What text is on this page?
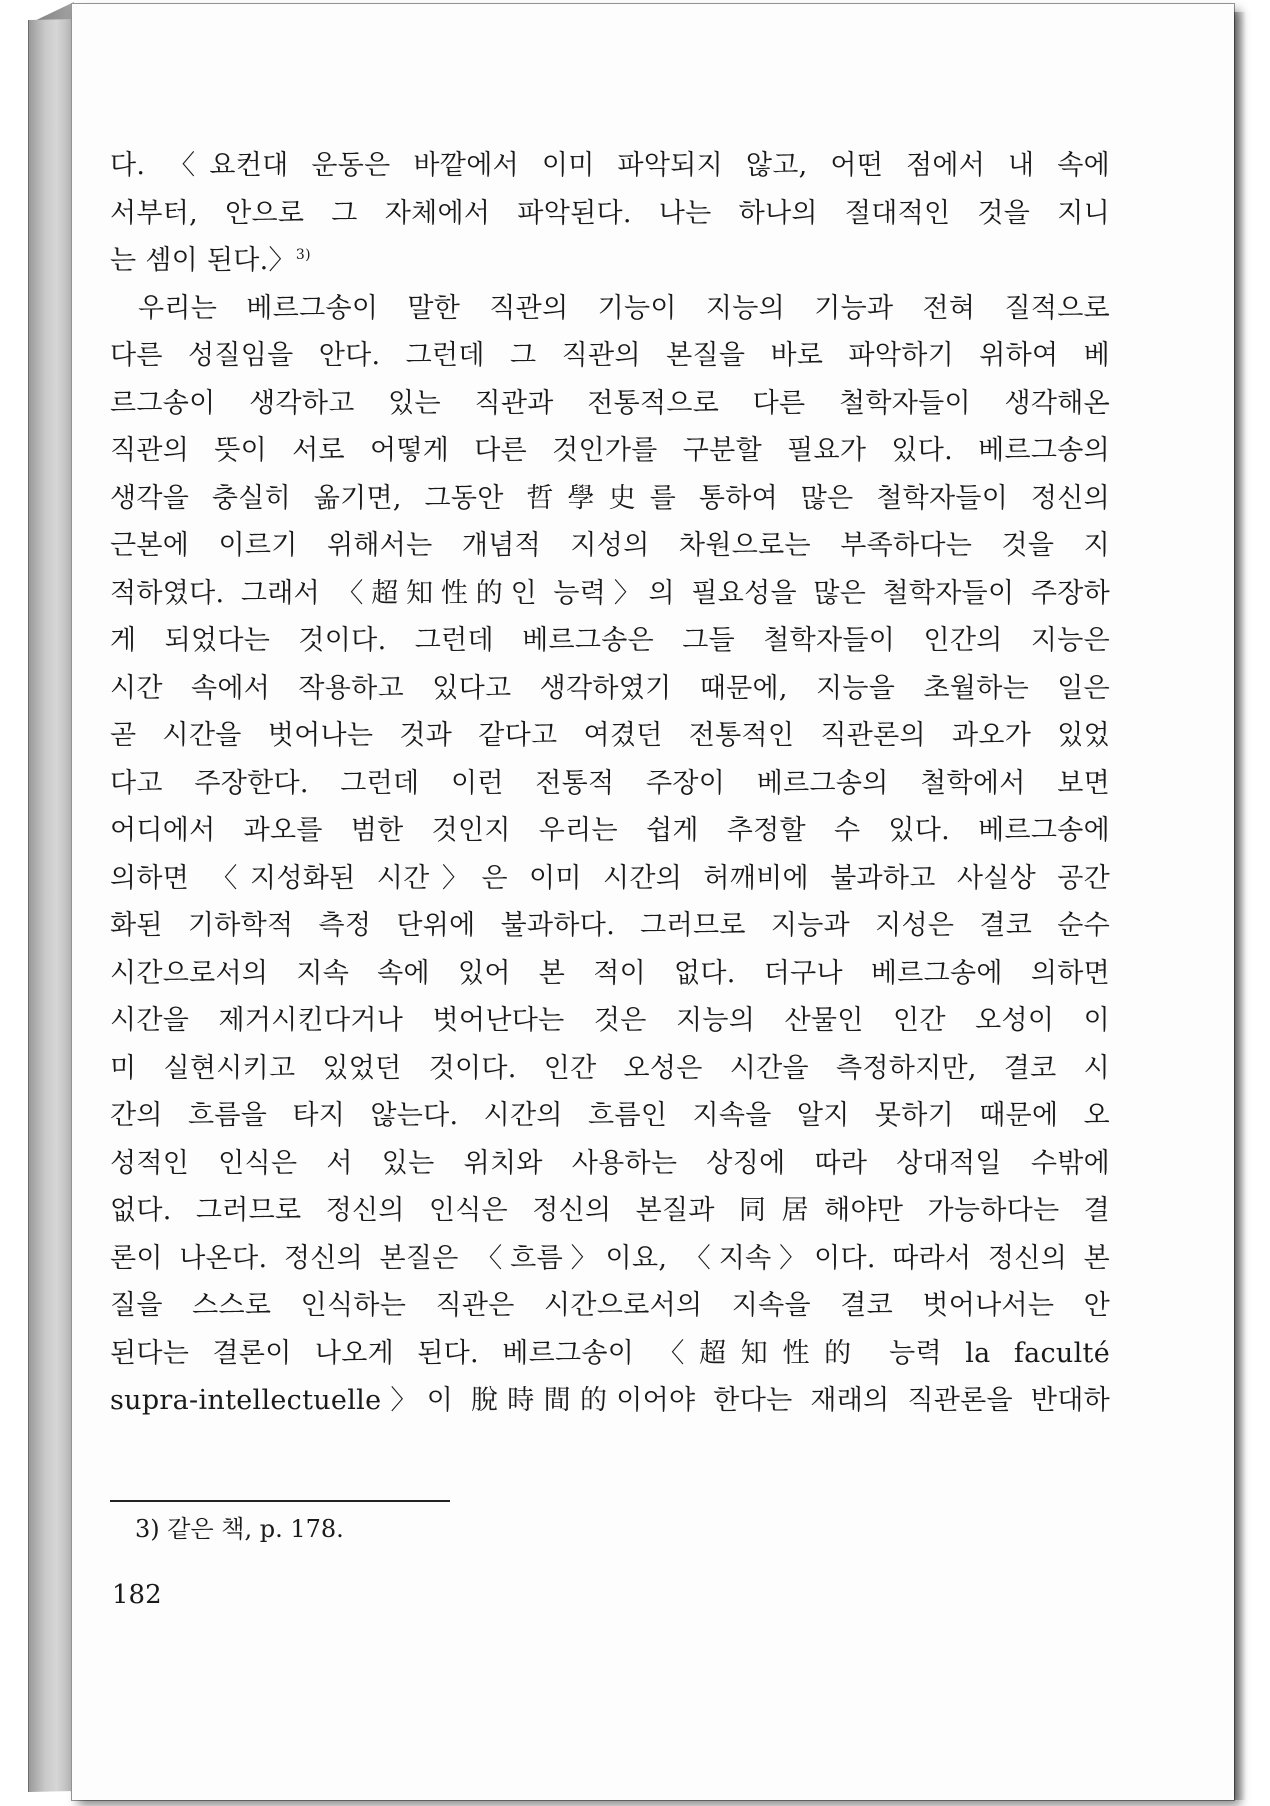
다. 〈요컨대 운동은 바깥에서 이미 파악되지 않고, 어떤 점에서 내 속에
서부터, 안으로 그 자체에서 파악된다. 나는 하나의 절대적인 것을 지니
는 셈이 된다.〉$^{3)}$
우리는 베르그송이 말한 직관의 기능이 지능의 기능과 전혀 질적으로
다른 성질임을 안다. 그런데 그 직관의 본질을 바로 파악하기 위하여 베
르그송이 생각하고 있는 직관과 전통적으로 다른 철학자들이 생각해온
직관의 뜻이 서로 어떻게 다른 것인가를 구분할 필요가 있다. 베르그송의
생각을 충실히 옮기면, 그동안 哲學史를 통하여 많은 철학자들이 정신의
근본에 이르기 위해서는 개념적 지성의 차원으로는 부족하다는 것을 지
적하였다. 그래서 〈超知性的인 능력〉의 필요성을 많은 철학자들이 주장하
게 되었다는 것이다. 그런데 베르그송은 그들 철학자들이 인간의 지능은
시간 속에서 작용하고 있다고 생각하였기 때문에, 지능을 초월하는 일은
곧 시간을 벗어나는 것과 같다고 여겼던 전통적인 직관론의 과오가 있었
다고 주장한다. 그런데 이런 전통적 주장이 베르그송의 철학에서 보면
어디에서 과오를 범한 것인지 우리는 쉽게 추정할 수 있다. 베르그송에
의하면 〈지성화된 시간〉은 이미 시간의 허깨비에 불과하고 사실상 공간
화된 기하학적 측정 단위에 불과하다. 그러므로 지능과 지성은 결코 순수
시간으로서의 지속 속에 있어 본 적이 없다. 더구나 베르그송에 의하면
시간을 제거시킨다거나 벗어난다는 것은 지능의 산물인 인간 오성이 이
미 실현시키고 있었던 것이다. 인간 오성은 시간을 측정하지만, 결코 시
간의 흐름을 타지 않는다. 시간의 흐름인 지속을 알지 못하기 때문에 오
성적인 인식은 서 있는 위치와 사용하는 상징에 따라 상대적일 수밖에
없다. 그러므로 정신의 인식은 정신의 본질과 同居해야만 가능하다는 결
론이 나온다. 정신의 본질은 〈흐름〉이요, 〈지속〉이다. 따라서 정신의 본
질을 스스로 인식하는 직관은 시간으로서의 지속을 결코 벗어나서는 안
된다는 결론이 나오게 된다. 베르그송이 〈超知性的 능력 la faculté
supra-intellectuelle〉이 脫時間的이어야 한다는 재래의 직관론을 반대하
3) 같은 책, p. 178.
182
